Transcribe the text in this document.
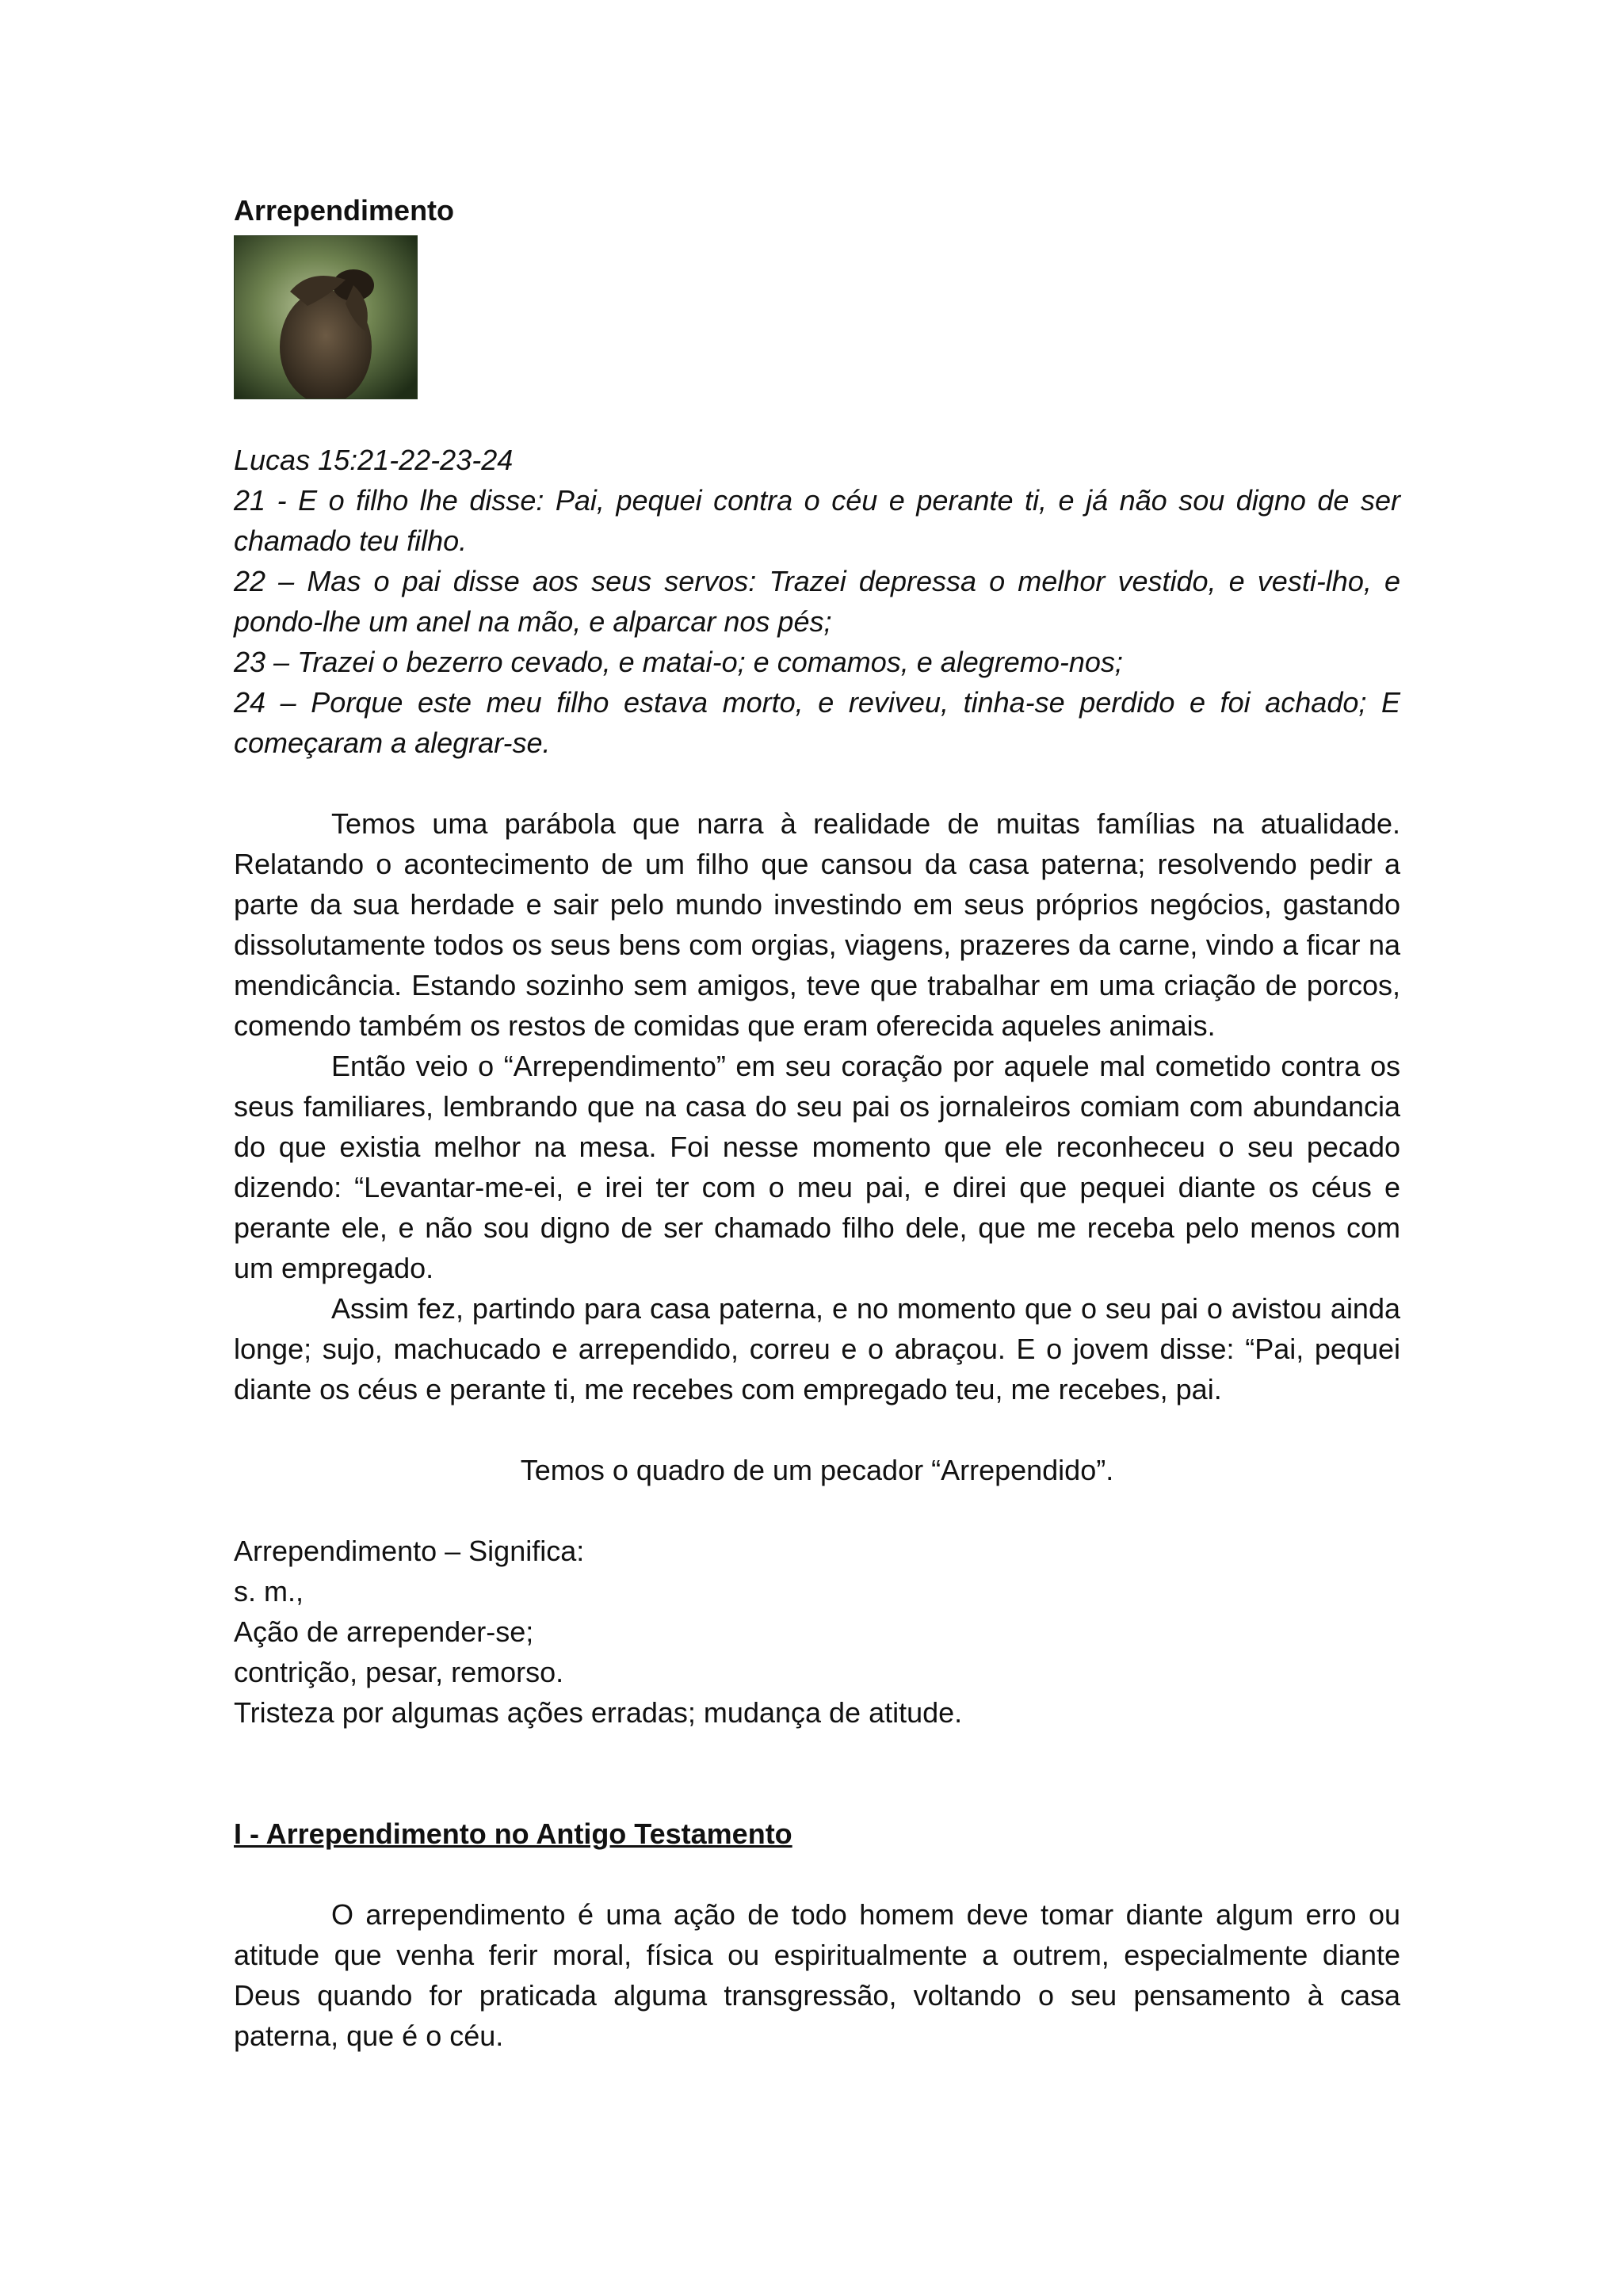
Arrependimento

Lucas 15:21-22-23-24

21 - E o filho lhe disse: Pai, pequei contra o céu e perante ti, e já não sou digno de ser chamado teu filho.

22 – Mas o pai disse aos seus servos: Trazei depressa o melhor vestido, e vesti-lho, e pondo-lhe um anel na mão, e alparcar nos pés;

23 – Trazei o bezerro cevado, e matai-o; e comamos, e alegremo-nos;

24 – Porque este meu filho estava morto, e reviveu, tinha-se perdido e foi achado; E começaram a alegrar-se.

Temos uma parábola que narra à realidade de muitas famílias na atualidade. Relatando o acontecimento de um filho que cansou da casa paterna; resolvendo pedir a parte da sua herdade e sair pelo mundo investindo em seus próprios negócios, gastando dissolutamente todos os seus bens com orgias, viagens, prazeres da carne, vindo a ficar na mendicância. Estando sozinho sem amigos, teve que trabalhar em uma criação de porcos, comendo também os restos de comidas que eram oferecida aqueles animais.

Então veio o “Arrependimento” em seu coração por aquele mal cometido contra os seus familiares, lembrando que na casa do seu pai os jornaleiros comiam com abundancia do que existia melhor na mesa. Foi nesse momento que ele reconheceu o seu pecado dizendo: “Levantar-me-ei, e irei ter com o meu pai, e direi que pequei diante os céus e perante ele, e não sou digno de ser chamado filho dele, que me receba pelo menos com um empregado.

Assim fez, partindo para casa paterna, e no momento que o seu pai o avistou ainda longe; sujo, machucado e arrependido, correu e o abraçou. E o jovem disse: “Pai, pequei diante os céus e perante ti, me recebes com empregado teu, me recebes, pai.

Temos o quadro de um pecador “Arrependido”.

Arrependimento – Significa:

s. m.,

Ação de arrepender-se;

contrição, pesar, remorso.

Tristeza por algumas ações erradas; mudança de atitude.

I - Arrependimento no Antigo Testamento

O arrependimento é uma ação de todo homem deve tomar diante algum erro ou atitude que venha ferir moral, física ou espiritualmente a outrem, especialmente diante Deus quando for praticada alguma transgressão, voltando o seu pensamento à casa paterna, que é o céu.
